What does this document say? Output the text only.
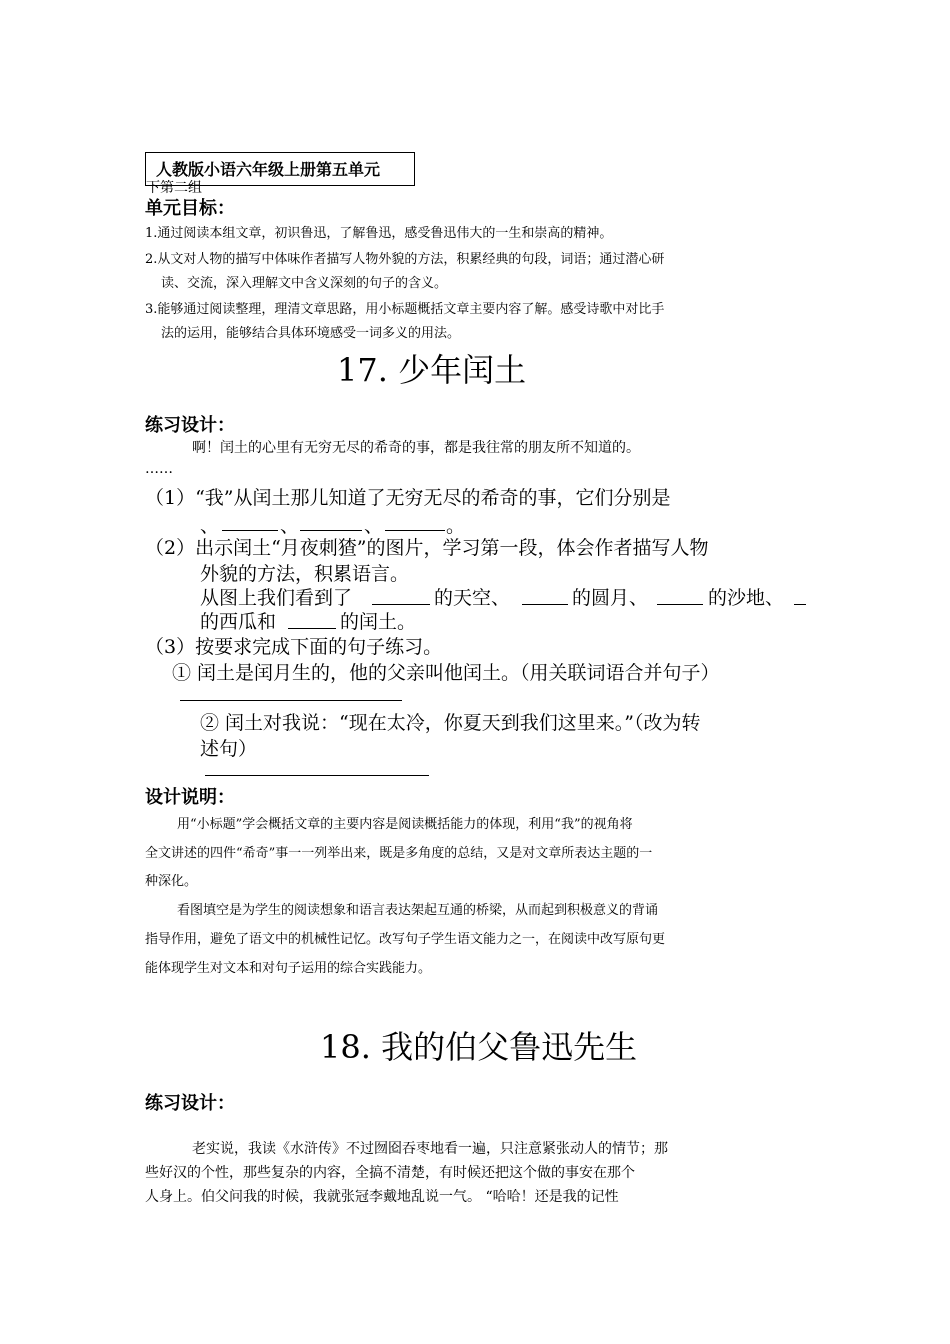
人教版小语六年级上册第五单元
下第二组
单元目标：
1.通过阅读本组文章，初识鲁迅，了解鲁迅，感受鲁迅伟大的一生和崇高的精神。
2.从文对人物的描写中体味作者描写人物外貌的方法，积累经典的句段，词语；通过潜心研
读、交流，深入理解文中含义深刻的句子的含义。
3.能够通过阅读整理，理清文章思路，用小标题概括文章主要内容了解。感受诗歌中对比手
法的运用，能够结合具体环境感受一词多义的用法。
17. 少年闰土
练习设计：
啊！闰土的心里有无穷无尽的希奇的事，都是我往常的朋友所不知道的。
……
（1）“我”从闰土那儿知道了无穷无尽的希奇的事，它们分别是
、	、	、	。
（2）出示闰土“月夜刺猹”的图片，学习第一段，体会作者描写人物
外貌的方法，积累语言。
从图上我们看到了	的天空、	的圆月、	的沙地、
的西瓜和	的闰土。
（3）按要求完成下面的句子练习。
① 闰土是闰月生的，他的父亲叫他闰土。（用关联词语合并句子）
② 闰土对我说：“现在太冷，你夏天到我们这里来。”（改为转
述句）
设计说明：
用“小标题”学会概括文章的主要内容是阅读概括能力的体现，利用“我”的视角将
全文讲述的四件“希奇”事一一列举出来，既是多角度的总结，又是对文章所表达主题的一
种深化。
看图填空是为学生的阅读想象和语言表达架起互通的桥梁，从而起到积极意义的背诵
指导作用，避免了语文中的机械性记忆。改写句子学生语文能力之一，在阅读中改写原句更
能体现学生对文本和对句子运用的综合实践能力。
18. 我的伯父鲁迅先生
练习设计：
老实说，我读《水浒传》不过囫囵吞枣地看一遍，只注意紧张动人的情节；那
些好汉的个性，那些复杂的内容，全搞不清楚，有时候还把这个做的事安在那个
人身上。伯父问我的时候，我就张冠李戴地乱说一气。 “哈哈！还是我的记性
